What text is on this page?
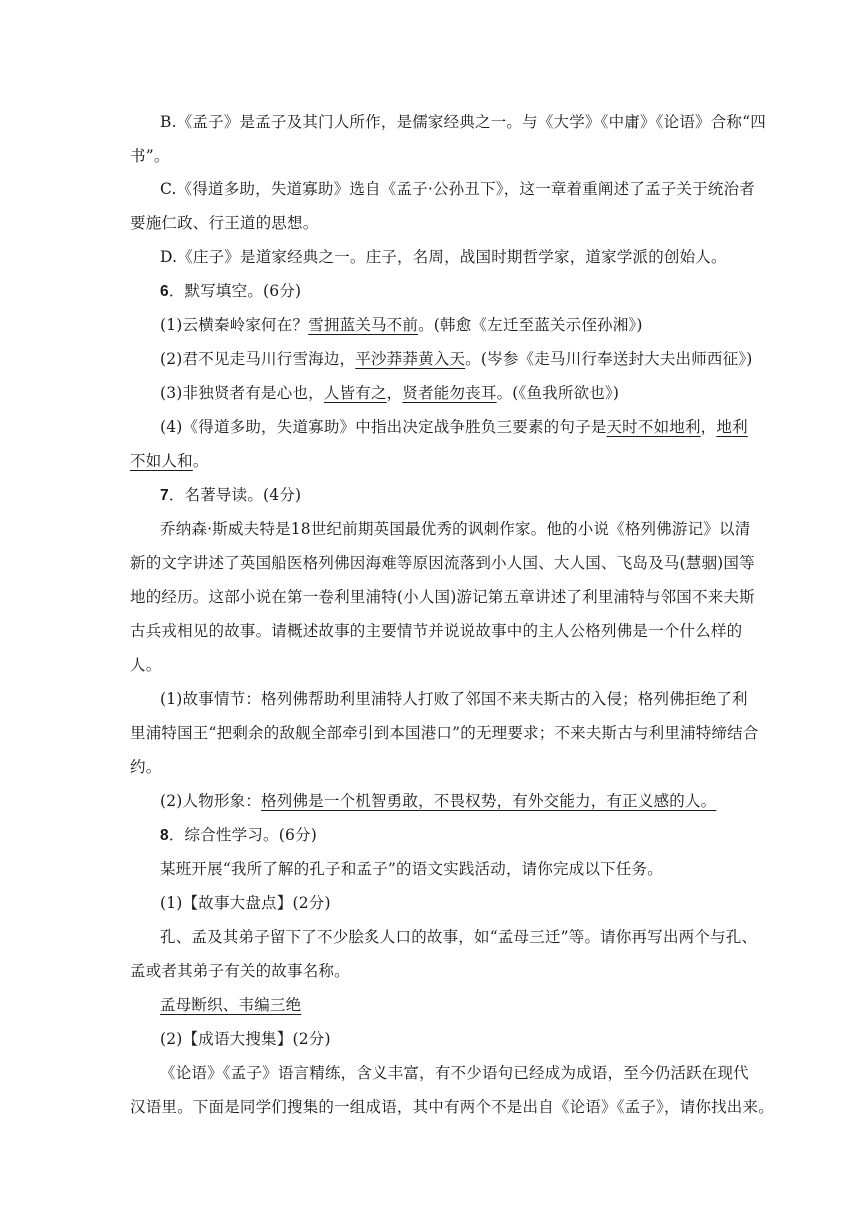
B.《孟子》是孟子及其门人所作，是儒家经典之一。与《大学》《中庸》《论语》合称“四
书”。
C.《得道多助，失道寡助》选自《孟子·公孙丑下》，这一章着重阐述了孟子关于统治者
要施仁政、行王道的思想。
D.《庄子》是道家经典之一。庄子，名周，战国时期哲学家，道家学派的创始人。
6．默写填空。(6分)
(1)云横秦岭家何在？雪拥蓝关马不前。(韩愈《左迁至蓝关示侄孙湘》)
(2)君不见走马川行雪海边，平沙莽莽黄入天。(岑参《走马川行奉送封大夫出师西征》)
(3)非独贤者有是心也，人皆有之，贤者能勿丧耳。(《鱼我所欲也》)
(4)《得道多助，失道寡助》中指出决定战争胜负三要素的句子是天时不如地利，地利
不如人和。
7．名著导读。(4分)
乔纳森·斯威夫特是18世纪前期英国最优秀的讽刺作家。他的小说《格列佛游记》以清
新的文字讲述了英国船医格列佛因海难等原因流落到小人国、大人国、飞岛及马(慧骃)国等
地的经历。这部小说在第一卷利里浦特(小人国)游记第五章讲述了利里浦特与邻国不来夫斯
古兵戎相见的故事。请概述故事的主要情节并说说故事中的主人公格列佛是一个什么样的
人。
(1)故事情节：格列佛帮助利里浦特人打败了邻国不来夫斯古的入侵；格列佛拒绝了利
里浦特国王“把剩余的敌舰全部牵引到本国港口”的无理要求；不来夫斯古与利里浦特缔结合
约。
(2)人物形象：格列佛是一个机智勇敢，不畏权势，有外交能力，有正义感的人。
8．综合性学习。(6分)
某班开展“我所了解的孔子和孟子”的语文实践活动，请你完成以下任务。
(1)【故事大盘点】(2分)
孔、孟及其弟子留下了不少脍炙人口的故事，如“孟母三迁”等。请你再写出两个与孔、
孟或者其弟子有关的故事名称。
孟母断织、韦编三绝
(2)【成语大搜集】(2分)
《论语》《孟子》语言精练，含义丰富，有不少语句已经成为成语，至今仍活跃在现代
汉语里。下面是同学们搜集的一组成语，其中有两个不是出自《论语》《孟子》，请你找出来。
